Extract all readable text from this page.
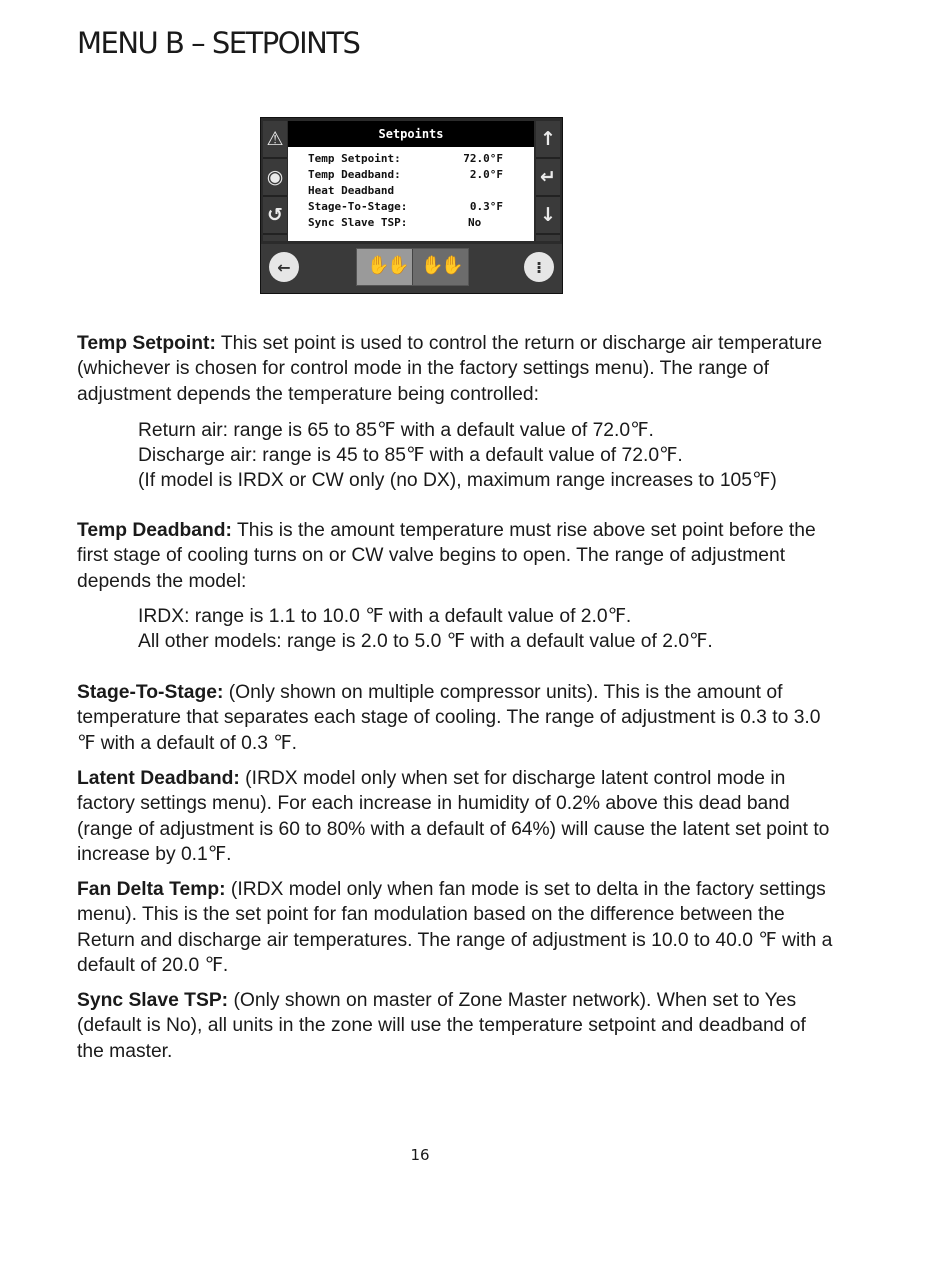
MENU B – SETPOINTS
⚠
◉
↺
Setpoints
Temp Setpoint:	72.0°F
Temp Deadband:	2.0°F
Heat Deadband
Stage-To-Stage:	0.3°F
Sync Slave TSP:	No
↑
↵
↓
←	✋
✋ ✋
✋	⁝

Temp Setpoint: This set point is used to control the return or discharge air temperature (whichever is chosen for control mode in the factory settings menu). The range of adjustment depends the temperature being controlled:

Return air: range is 65 to 85℉ with a default value of 72.0℉.

Discharge air: range is 45 to 85℉ with a default value of 72.0℉.

(If model is IRDX or CW only (no DX), maximum range increases to 105℉)

Temp Deadband: This is the amount temperature must rise above set point before the first stage of cooling turns on or CW valve begins to open. The range of adjustment depends the model:

IRDX: range is 1.1 to 10.0 ℉ with a default value of 2.0℉.

All other models: range is 2.0 to 5.0 ℉ with a default value of 2.0℉.

Stage-To-Stage: (Only shown on multiple compressor units). This is the amount of temperature that separates each stage of cooling. The range of adjustment is 0.3 to 3.0 ℉ with a default of 0.3 ℉.

Latent Deadband: (IRDX model only when set for discharge latent control mode in factory settings menu). For each increase in humidity of 0.2% above this dead band (range of adjustment is 60 to 80% with a default of 64%) will cause the latent set point to increase by 0.1℉.

Fan Delta Temp: (IRDX model only when fan mode is set to delta in the factory settings menu). This is the set point for fan modulation based on the difference between the Return and discharge air temperatures. The range of adjustment is 10.0 to 40.0 ℉ with a default of 20.0 ℉.

Sync Slave TSP: (Only shown on master of Zone Master network). When set to Yes (default is No), all units in the zone will use the temperature setpoint and deadband of the master.

16
